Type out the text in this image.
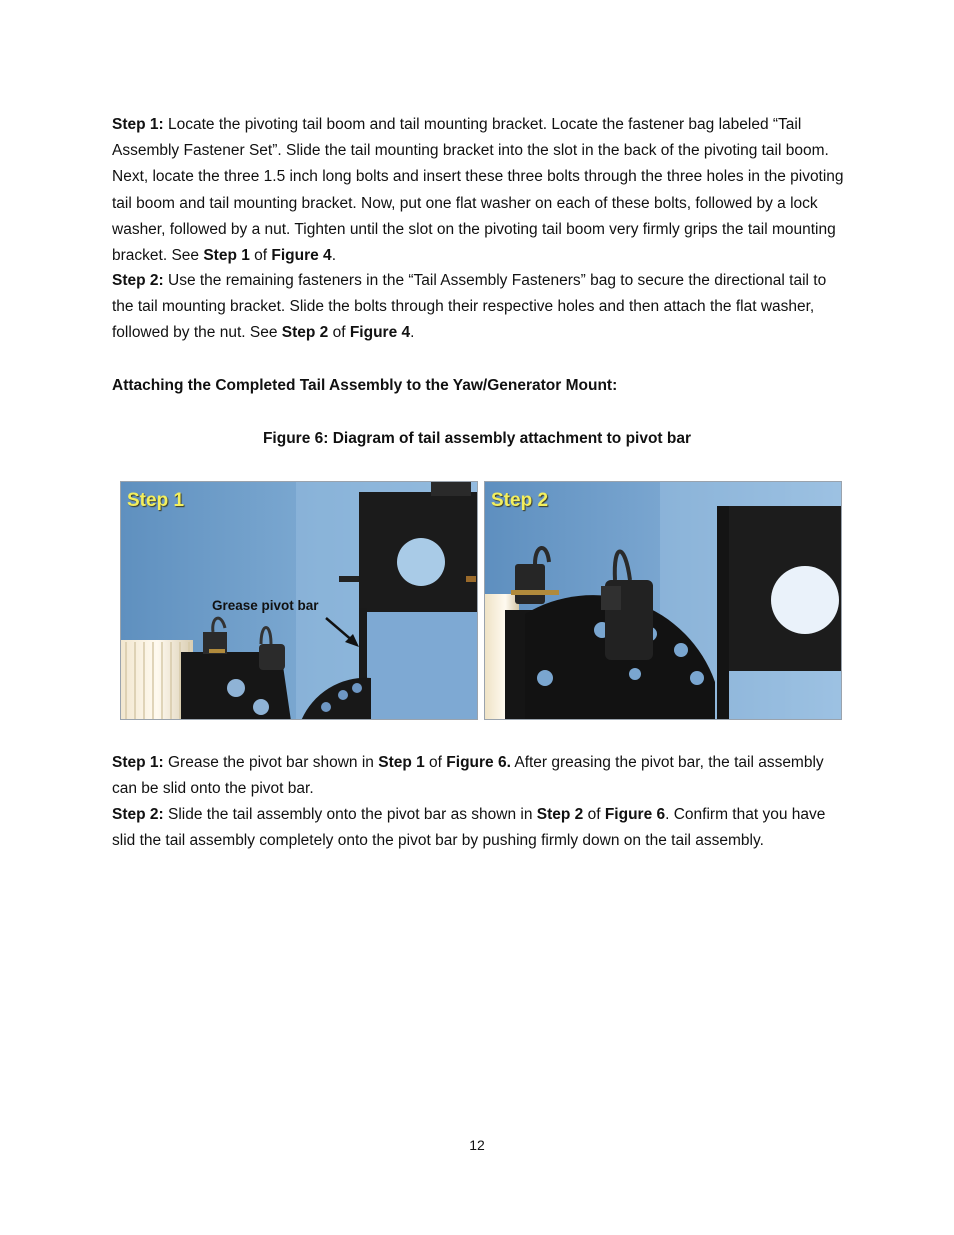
Step 1: Locate the pivoting tail boom and tail mounting bracket. Locate the fastener bag labeled “Tail Assembly Fastener Set”. Slide the tail mounting bracket into the slot in the back of the pivoting tail boom. Next, locate the three 1.5 inch long bolts and insert these three bolts through the three holes in the pivoting tail boom and tail mounting bracket. Now, put one flat washer on each of these bolts, followed by a lock washer, followed by a nut. Tighten until the slot on the pivoting tail boom very firmly grips the tail mounting bracket. See Step 1 of Figure 4.
Step 2: Use the remaining fasteners in the “Tail Assembly Fasteners” bag to secure the directional tail to the tail mounting bracket. Slide the bolts through their respective holes and then attach the flat washer, followed by the nut. See Step 2 of Figure 4.
Attaching the Completed Tail Assembly to the Yaw/Generator Mount:
Figure 6: Diagram of tail assembly attachment to pivot bar
Step 1
Grease pivot bar
Step 2
Step 1: Grease the pivot bar shown in Step 1 of Figure 6. After greasing the pivot bar, the tail assembly can be slid onto the pivot bar.
Step 2: Slide the tail assembly onto the pivot bar as shown in Step 2 of Figure 6. Confirm that you have slid the tail assembly completely onto the pivot bar by pushing firmly down on the tail assembly.
12
